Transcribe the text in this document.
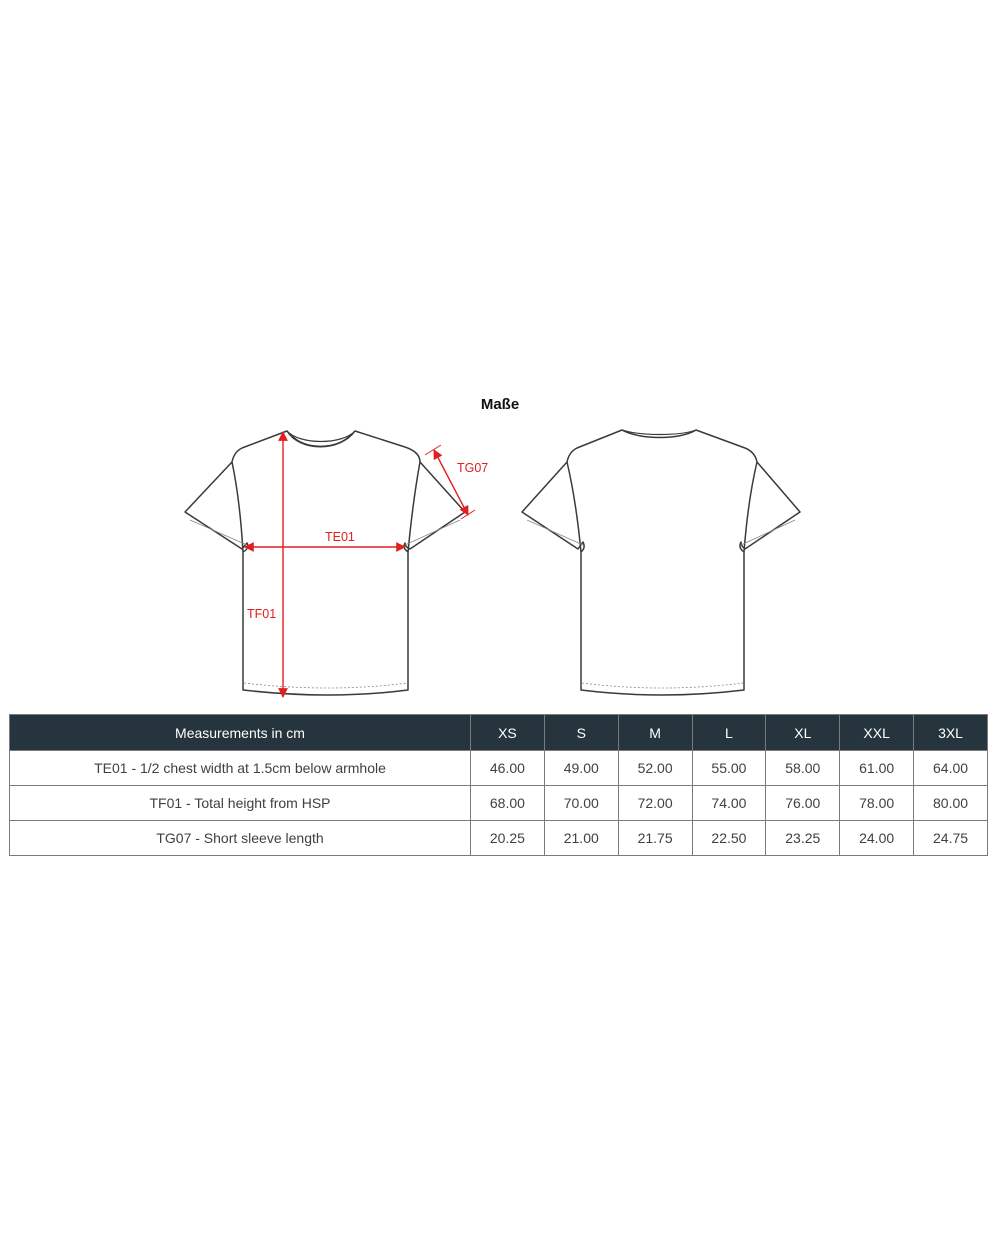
Maße
TE01
TF01
TG07
Measurements in cm	XS	S	M	L	XL	XXL	3XL
TE01 - 1/2 chest width at 1.5cm below armhole	46.00	49.00	52.00	55.00	58.00	61.00	64.00
TF01 - Total height from HSP	68.00	70.00	72.00	74.00	76.00	78.00	80.00
TG07 - Short sleeve length	20.25	21.00	21.75	22.50	23.25	24.00	24.75
